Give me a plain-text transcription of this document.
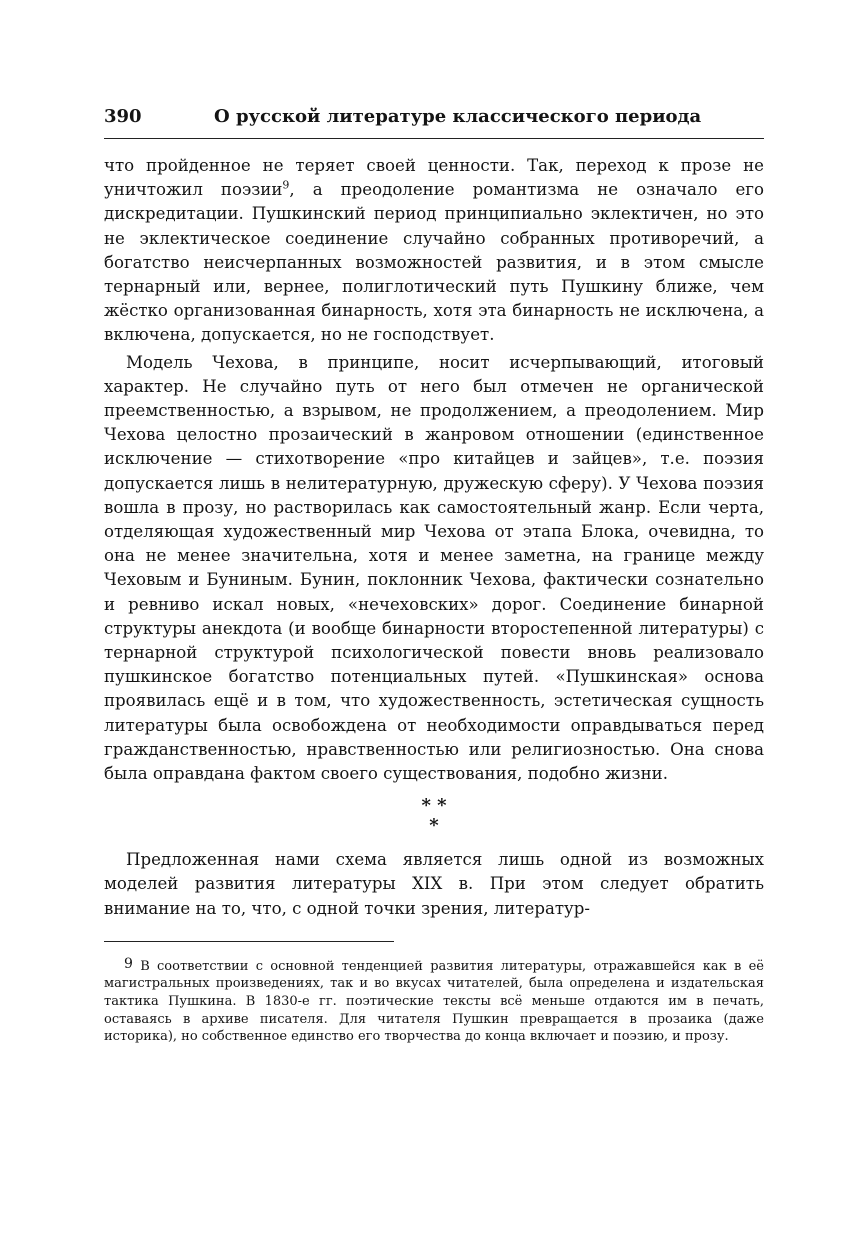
390	О русской литературе классического периода

что пройденное не теряет своей ценности. Так, переход к прозе не уничтожил поэзии$^9$, а преодоление романтизма не означало его дискредитации. Пушкинский период принципиально эклектичен, но это не эклектическое соединение случайно собранных противоречий, а богатство неисчерпанных возможностей развития, и в этом смысле тернарный или, вернее, полиглотический путь Пушкину ближе, чем жёстко организованная бинарность, хотя эта бинарность не исключена, а включена, допускается, но не господствует.

Модель Чехова, в принципе, носит исчерпывающий, итоговый характер. Не случайно путь от него был отмечен не органической преемственностью, а взрывом, не продолжением, а преодолением. Мир Чехова целостно прозаический в жанровом отношении (единственное исключение — стихотворение «про китайцев и зайцев», т.е. поэзия допускается лишь в нелитературную, дружескую сферу). У Чехова поэзия вошла в прозу, но растворилась как самостоятельный жанр. Если черта, отделяющая художественный мир Чехова от этапа Блока, очевидна, то она не менее значительна, хотя и менее заметна, на границе между Чеховым и Буниным. Бунин, поклонник Чехова, фактически сознательно и ревниво искал новых, «нечеховских» дорог. Соединение бинарной структуры анекдота (и вообще бинарности второстепенной литературы) с тернарной структурой психологической повести вновь реализовало пушкинское богатство потенциальных путей. «Пушкинская» основа проявилась ещё и в том, что художественность, эстетическая сущность литературы была освобождена от необходимости оправдываться перед гражданственностью, нравственностью или религиозностью. Она снова была оправдана фактом своего существования, подобно жизни.

* *
*

Предложенная нами схема является лишь одной из возможных моделей развития литературы XIX в. При этом следует обратить внимание на то, что, с одной точки зрения, литератур-

$^9$ В соответствии с основной тенденцией развития литературы, отражавшейся как в её магистральных произведениях, так и во вкусах читателей, была определена и издательская тактика Пушкина. В 1830-е гг. поэтические тексты всё меньше отдаются им в печать, оставаясь в архиве писателя. Для читателя Пушкин превращается в прозаика (даже историка), но собственное единство его творчества до конца включает и поэзию, и прозу.
